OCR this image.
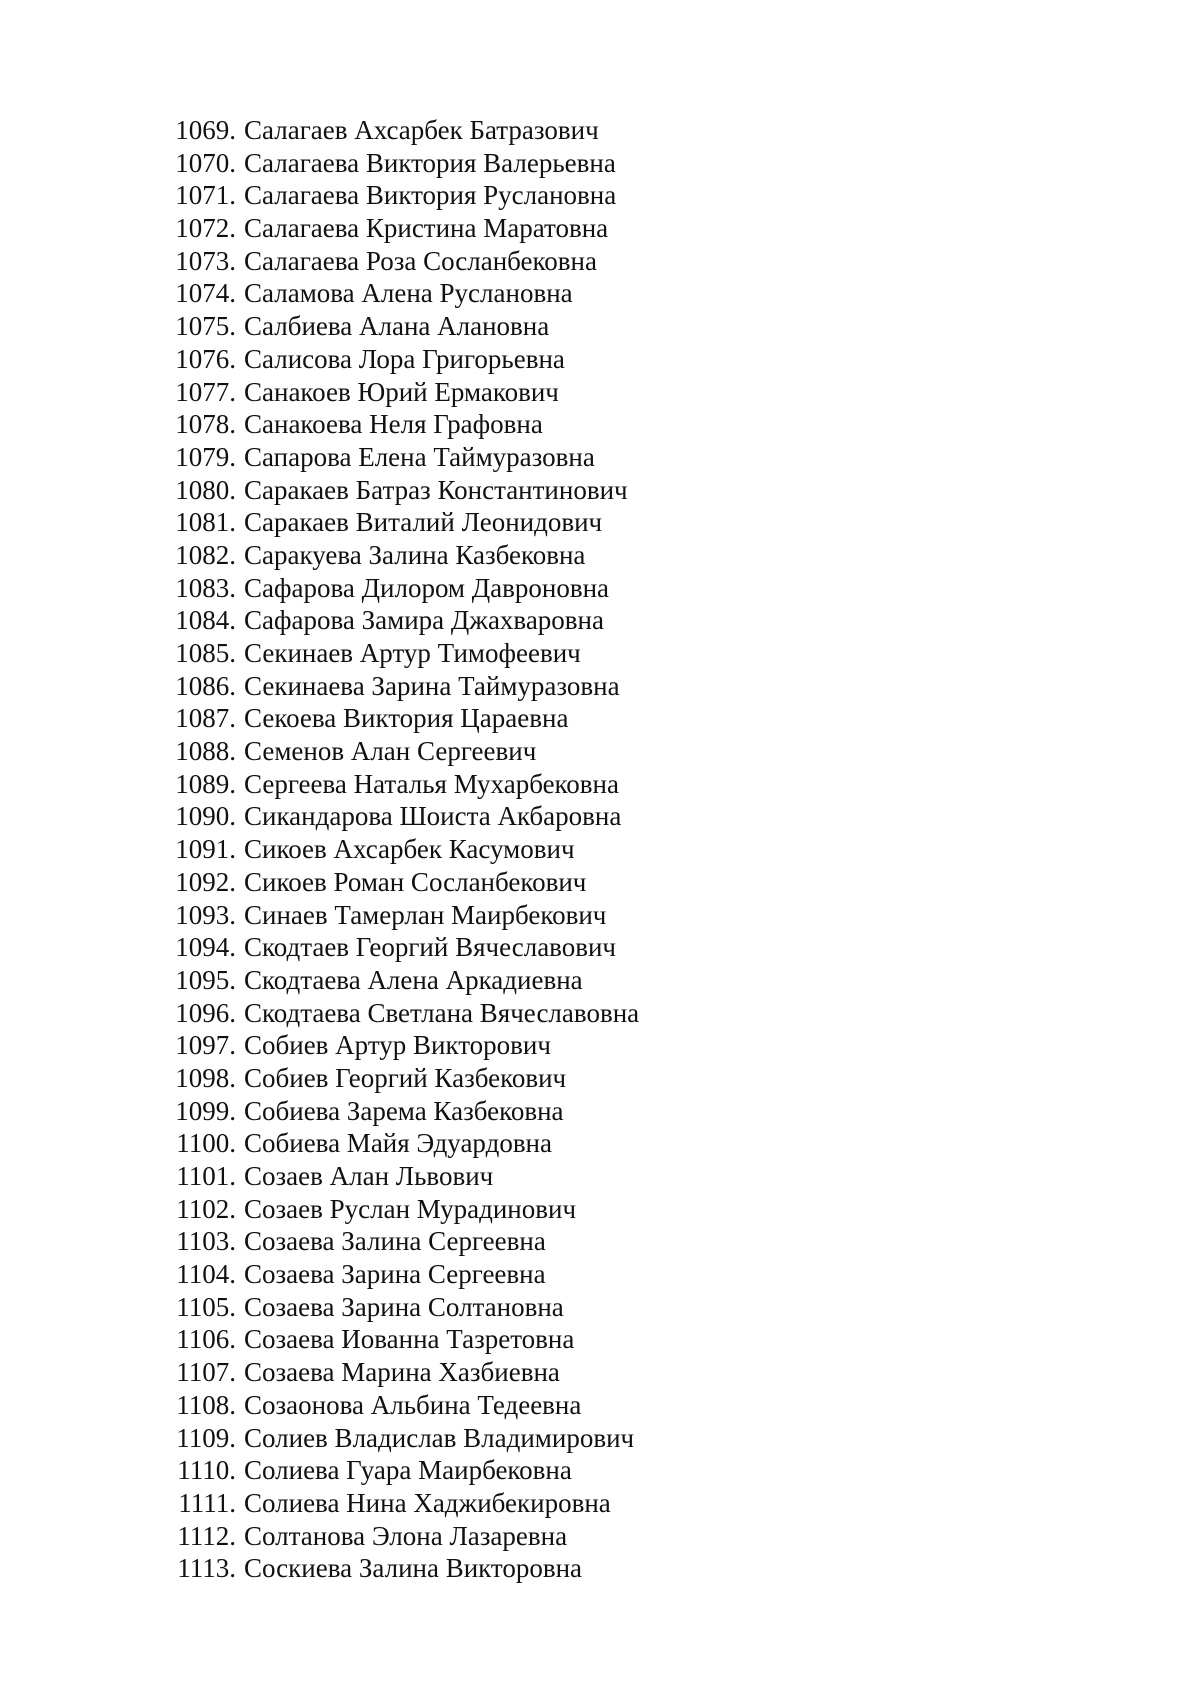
1069. Салагаев Ахсарбек Батразович
1070. Салагаева Виктория Валерьевна
1071. Салагаева Виктория Руслановна
1072. Салагаева Кристина Маратовна
1073. Салагаева Роза Сосланбековна
1074. Саламова Алена Руслановна
1075. Салбиева Алана Алановна
1076. Салисова Лора Григорьевна
1077. Санакоев Юрий Ермакович
1078. Санакоева Неля Графовна
1079. Сапарова Елена Таймуразовна
1080. Саракаев Батраз Константинович
1081. Саракаев Виталий Леонидович
1082. Саракуева Залина Казбековна
1083. Сафарова Дилором Давроновна
1084. Сафарова Замира Джахваровна
1085. Секинаев Артур Тимофеевич
1086. Секинаева Зарина Таймуразовна
1087. Секоева Виктория Цараевна
1088. Семенов Алан Сергеевич
1089. Сергеева Наталья Мухарбековна
1090. Сикандарова Шоиста Акбаровна
1091. Сикоев Ахсарбек Касумович
1092. Сикоев Роман Сосланбекович
1093. Синаев Тамерлан Маирбекович
1094. Скодтаев Георгий Вячеславович
1095. Скодтаева Алена Аркадиевна
1096. Скодтаева Светлана Вячеславовна
1097. Собиев Артур Викторович
1098. Собиев Георгий Казбекович
1099. Собиева Зарема Казбековна
1100. Собиева Майя Эдуардовна
1101. Созаев Алан Львович
1102. Созаев Руслан Мурадинович
1103. Созаева Залина Сергеевна
1104. Созаева Зарина Сергеевна
1105. Созаева Зарина Солтановна
1106. Созаева Иованна Тазретовна
1107. Созаева Марина Хазбиевна
1108. Созаонова Альбина Тедеевна
1109. Солиев Владислав Владимирович
1110. Солиева Гуара Маирбековна
1111. Солиева Нина Хаджибекировна
1112. Солтанова Элона Лазаревна
1113. Соскиева Залина Викторовна
